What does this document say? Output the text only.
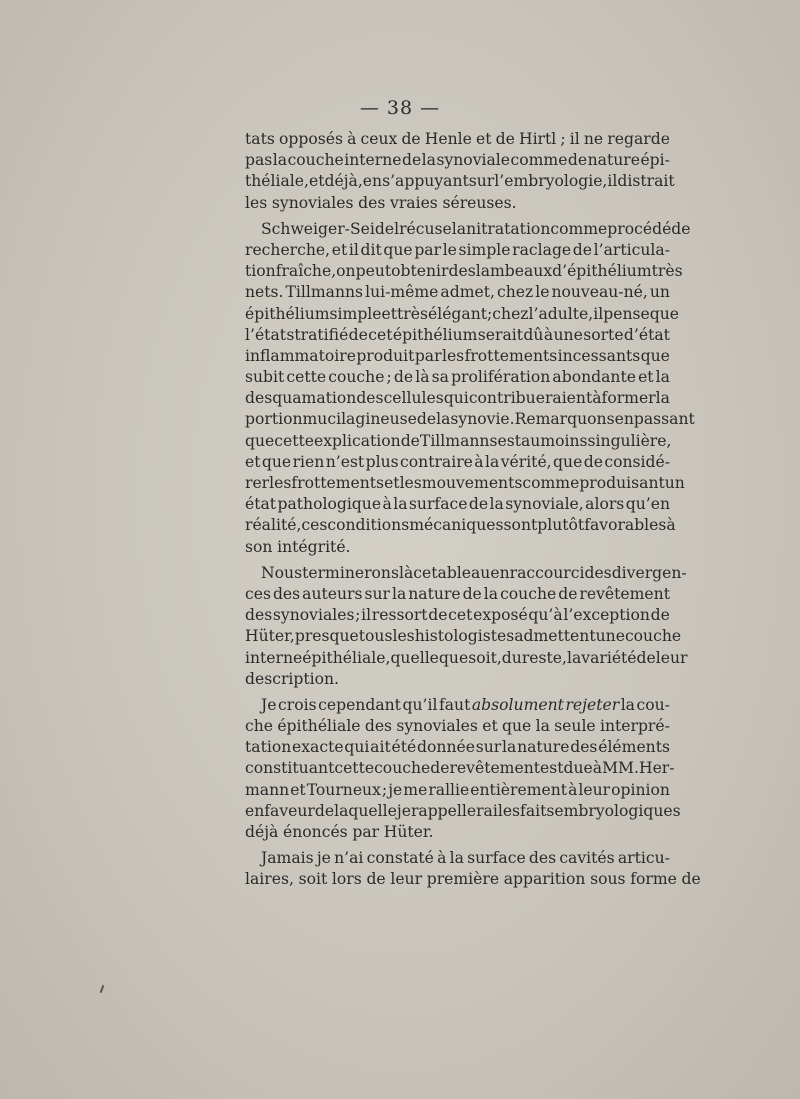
— 38 —
tats opposés à ceux de Henle et de Hirtl ; il ne regarde
pas la couche interne de la synoviale comme de nature épi-
théliale, et déjà, en s’appuyant sur l’embryologie, il distrait
les synoviales des vraies séreuses.
Schweiger-Seidel récuse la nitratation comme procédé de
recherche, et il dit que par le simple raclage de l’articula-
tion fraîche, on peut obtenir des lambeaux d’épithélium très
nets. Tillmanns lui-même admet, chez le nouveau-né, un
épithélium simple et très élégant ; chez l’adulte, il pense que
l’état stratifié de cet épithélium serait dû à une sorte d’état
inflammatoire produit par les frottements incessants que
subit cette couche ; de là sa prolifération abondante et la
desquamation des cellules qui contribueraient à former la
portion mucilagineuse de la synovie. Remarquons en passant
que cette explication de Tillmanns est au moins singulière,
et que rien n’est plus contraire à la vérité, que de considé-
rer les frottements et les mouvements comme produisant un
état pathologique à la surface de la synoviale, alors qu’en
réalité, ces conditions mécaniques sont plutôt favorables à
son intégrité.
Nous terminerons là ce tableau en raccourci des divergen-
ces des auteurs sur la nature de la couche de revêtement
des synoviales ; il ressort de cet exposé qu’à l’exception de
Hüter, presque tous les histologistes admettent une couche
interne épithéliale, quelle que soit, du reste, la variété de leur
description.
Je crois cependant qu’il faut absolument rejeter la cou-
che épithéliale des synoviales et que la seule interpré-
tation exacte qui ait été donnée sur la nature des éléments
constituant cette couche de revêtement est due à MM. Her-
mann et Tourneux ; je me rallie entièrement à leur opinion
en faveur de laquelle je rappellerai les faits embryologiques
déjà énoncés par Hüter.
Jamais je n’ai constaté à la surface des cavités articu-
laires, soit lors de leur première apparition sous forme de
